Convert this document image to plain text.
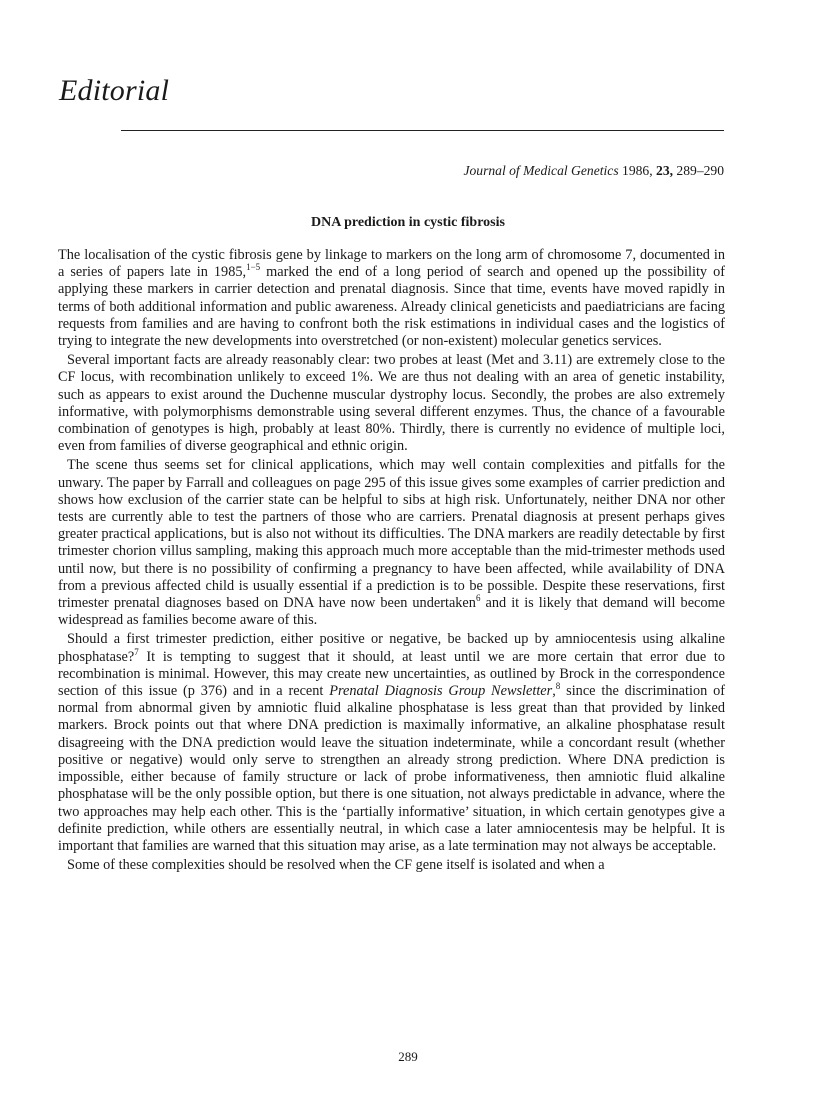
Editorial
Journal of Medical Genetics 1986, 23, 289–290
DNA prediction in cystic fibrosis

The localisation of the cystic fibrosis gene by linkage to markers on the long arm of chromosome 7, documented in a series of papers late in 1985,$^{1-5}$ marked the end of a long period of search and opened up the possibility of applying these markers in carrier detection and prenatal diagnosis. Since that time, events have moved rapidly in terms of both additional information and public awareness. Already clinical geneticists and paediatricians are facing requests from families and are having to confront both the risk estimations in individual cases and the logistics of trying to integrate the new developments into overstretched (or non-existent) molecular genetics services.

Several important facts are already reasonably clear: two probes at least (Met and 3.11) are extremely close to the CF locus, with recombination unlikely to exceed 1%. We are thus not dealing with an area of genetic instability, such as appears to exist around the Duchenne muscular dystrophy locus. Secondly, the probes are also extremely informative, with polymorphisms demonstrable using several different enzymes. Thus, the chance of a favourable combination of genotypes is high, probably at least 80%. Thirdly, there is currently no evidence of multiple loci, even from families of diverse geographical and ethnic origin.

The scene thus seems set for clinical applications, which may well contain complexities and pitfalls for the unwary. The paper by Farrall and colleagues on page 295 of this issue gives some examples of carrier prediction and shows how exclusion of the carrier state can be helpful to sibs at high risk. Unfortunately, neither DNA nor other tests are currently able to test the partners of those who are carriers. Prenatal diagnosis at present perhaps gives greater practical applications, but is also not without its difficulties. The DNA markers are readily detectable by first trimester chorion villus sampling, making this approach much more acceptable than the mid-trimester methods used until now, but there is no possibility of confirming a pregnancy to have been affected, while availability of DNA from a previous affected child is usually essential if a prediction is to be possible. Despite these reservations, first trimester prenatal diagnoses based on DNA have now been undertaken$^6$ and it is likely that demand will become widespread as families become aware of this.

Should a first trimester prediction, either positive or negative, be backed up by amniocentesis using alkaline phosphatase?$^7$ It is tempting to suggest that it should, at least until we are more certain that error due to recombination is minimal. However, this may create new uncertainties, as outlined by Brock in the correspondence section of this issue (p 376) and in a recent Prenatal Diagnosis Group Newsletter,$^8$ since the discrimination of normal from abnormal given by amniotic fluid alkaline phosphatase is less great than that provided by linked markers. Brock points out that where DNA prediction is maximally informative, an alkaline phosphatase result disagreeing with the DNA prediction would leave the situation indeterminate, while a concordant result (whether positive or negative) would only serve to strengthen an already strong prediction. Where DNA prediction is impossible, either because of family structure or lack of probe informativeness, then amniotic fluid alkaline phosphatase will be the only possible option, but there is one situation, not always predictable in advance, where the two approaches may help each other. This is the ‘partially informative’ situation, in which certain genotypes give a definite prediction, while others are essentially neutral, in which case a later amniocentesis may be helpful. It is important that families are warned that this situation may arise, as a late termination may not always be acceptable.

Some of these complexities should be resolved when the CF gene itself is isolated and when a

289
